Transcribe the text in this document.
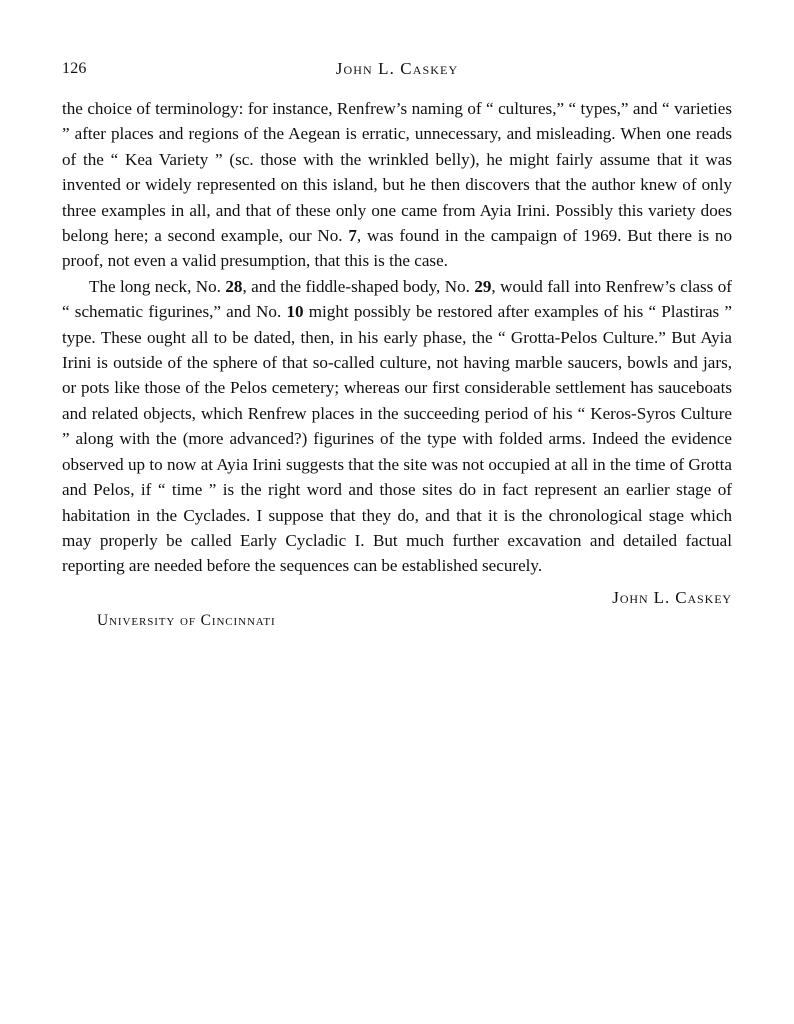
126	John L. Caskey

the choice of terminology: for instance, Renfrew’s naming of “ cultures,” “ types,” and “ varieties ” after places and regions of the Aegean is erratic, unnecessary, and misleading. When one reads of the “ Kea Variety ” (sc. those with the wrinkled belly), he might fairly assume that it was invented or widely represented on this island, but he then discovers that the author knew of only three examples in all, and that of these only one came from Ayia Irini. Possibly this variety does belong here; a second example, our No. 7, was found in the campaign of 1969. But there is no proof, not even a valid presumption, that this is the case.

The long neck, No. 28, and the fiddle-shaped body, No. 29, would fall into Renfrew’s class of “ schematic figurines,” and No. 10 might possibly be restored after examples of his “ Plastiras ” type. These ought all to be dated, then, in his early phase, the “ Grotta-Pelos Culture.” But Ayia Irini is outside of the sphere of that so-called culture, not having marble saucers, bowls and jars, or pots like those of the Pelos cemetery; whereas our first considerable settlement has sauceboats and related objects, which Renfrew places in the succeeding period of his “ Keros-Syros Culture ” along with the (more advanced?) figurines of the type with folded arms. Indeed the evidence observed up to now at Ayia Irini suggests that the site was not occupied at all in the time of Grotta and Pelos, if “ time ” is the right word and those sites do in fact represent an earlier stage of habitation in the Cyclades. I suppose that they do, and that it is the chronological stage which may properly be called Early Cycladic I. But much further excavation and detailed factual reporting are needed before the sequences can be established securely.

John L. Caskey
University of Cincinnati
